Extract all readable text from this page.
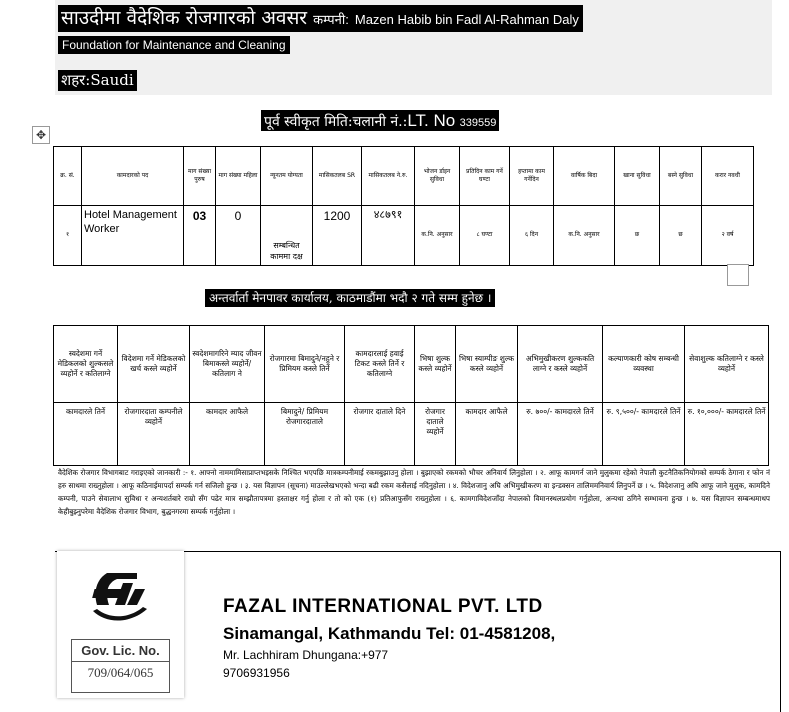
साउदीमा वैदेशिक रोजगारको अवसर कम्पनी: Mazen Habib bin Fadl Al-Rahman Daly
Foundation for Maintenance and Cleaning
शहर:Saudi
पूर्व स्वीकृत मिति:चलानी नं.:LT. No 339559
✥
क्र. सं.	कामदारको पद	माग संख्या पुरुष	माग संख्या महिला	न्यूनतम योग्यता	मासिकतलब SR	मासिकतलब ने.रु.	भोजन र्डाइन सुविधा	प्रतिदिन काम गर्ने घण्टा	हप्तामा काम गर्नेदिन	वार्षिक बिदा	खाना सुविधा	बस्ने सुविधा	करार नवधी
१	Hotel Management Worker	03	0	सम्बन्धित काममा दक्ष	1200	४८७९१	क.नि. अनुसार	८ घण्टा	६ दिन	क.नि. अनुसार	छ	छ	२ वर्ष
अन्तर्वार्ता मेनपावर कार्यालय, काठमाडौंमा भदौ २ गते सम्म हुनेछ ।
स्वदेशमा गर्ने मेडिकलको शुल्कसले व्यहोर्ने र कतिलाग्ने	विदेशमा गर्ने मेडिकलको खर्च कस्ले व्यहोर्ने	स्वदेशमागरिने म्याद जीवन बिमाकस्ले व्यहोर्ने/ कतिलाग ने	रोजगारमा बिमादुने/नहुने र प्रिमियम कस्ले तिर्ने	कामदारलाई हवाई टिकट कस्ले तिर्ने र कतिलाग्ने	भिषा शुल्क कस्ले व्यहोर्ने	भिषा स्याम्पीङ शुल्क कस्ले व्यहोर्ने	अभिमुखीकरण शुल्ककति लाग्ने र कस्ले व्यहोर्ने	कल्याणकारी कोष सम्बन्धी व्यवस्था	सेवाशुल्क कतिलाग्ने र कस्ले व्यहोर्ने
कामदारले तिर्ने	रोजगारदाता कम्पनीले व्यहोर्ने	कामदार आफैले	बिमादुने/ प्रिमियम रोजगारदाताले	रोजगार दाताले दिने	रोजगार दाताले व्यहोर्ने	कामदार आफैले	रु. ७००/- कामदारले तिर्ने	रु. ९,५००/- कामदारले तिर्ने	रु. १०,०००/- कामदारले तिर्ने
वैदेशिक रोजगार विभागबाट गराइएको जानकारी :- १. आफ्नो नाममामिसाप्राप्तभइसके निश्चित भएपछि मात्रकम्पनीमाई रकमबुझाउनु होला । बुझाएको रकमको भौचर अनिवार्य लिनुहोला । २. आफू कामगर्न जाने मुलुकमा रहेको नेपाली कुटनैतिकनियोगको सम्पर्क ठेगाना र फोन नं हरु साथमा राख्नुहोला । आफू कठिनाईमापर्दा सम्पर्क गर्न सजिलो हुन्छ । ३. यस विज्ञापन (सूचना) माउल्लेखभएको भन्दा बढी रकम कसैलाई नदिनुहोला । ४. विदेशजानु अघि अभिमुखीकरण वा इन्डक्सन तालिममनिवार्य लिनुपर्ने छ । ५. विदेशजानु अघि आफू जाने मुलुक, कामदिने कम्पनी, पाउने सेवालाभ सुविधा र अन्यशर्तबारे राम्रो सँग पढेर मात्र सम्झौतापत्रमा हस्ताक्षर गर्नु होला र तो को एक (१) प्रतिआफुसँग राख्नुहोला । ६. कामगाविदेशजाँदा नेपालको विमानस्थलप्रयोग गर्नुहोला, अन्यथा ठगिने सम्भावना हुन्छ । ७. यस विज्ञापन सम्बन्धमाथप केहीबुझ्नुपरेमा वैदेशिक रोजगार विभाग, बुद्धनगरमा सम्पर्क गर्नुहोला ।
Gov. Lic. No.
709/064/065
FAZAL INTERNATIONAL PVT. LTD
Sinamangal, Kathmandu Tel: 01-4581208,
Mr. Lachhiram Dhungana:+977
9706931956
